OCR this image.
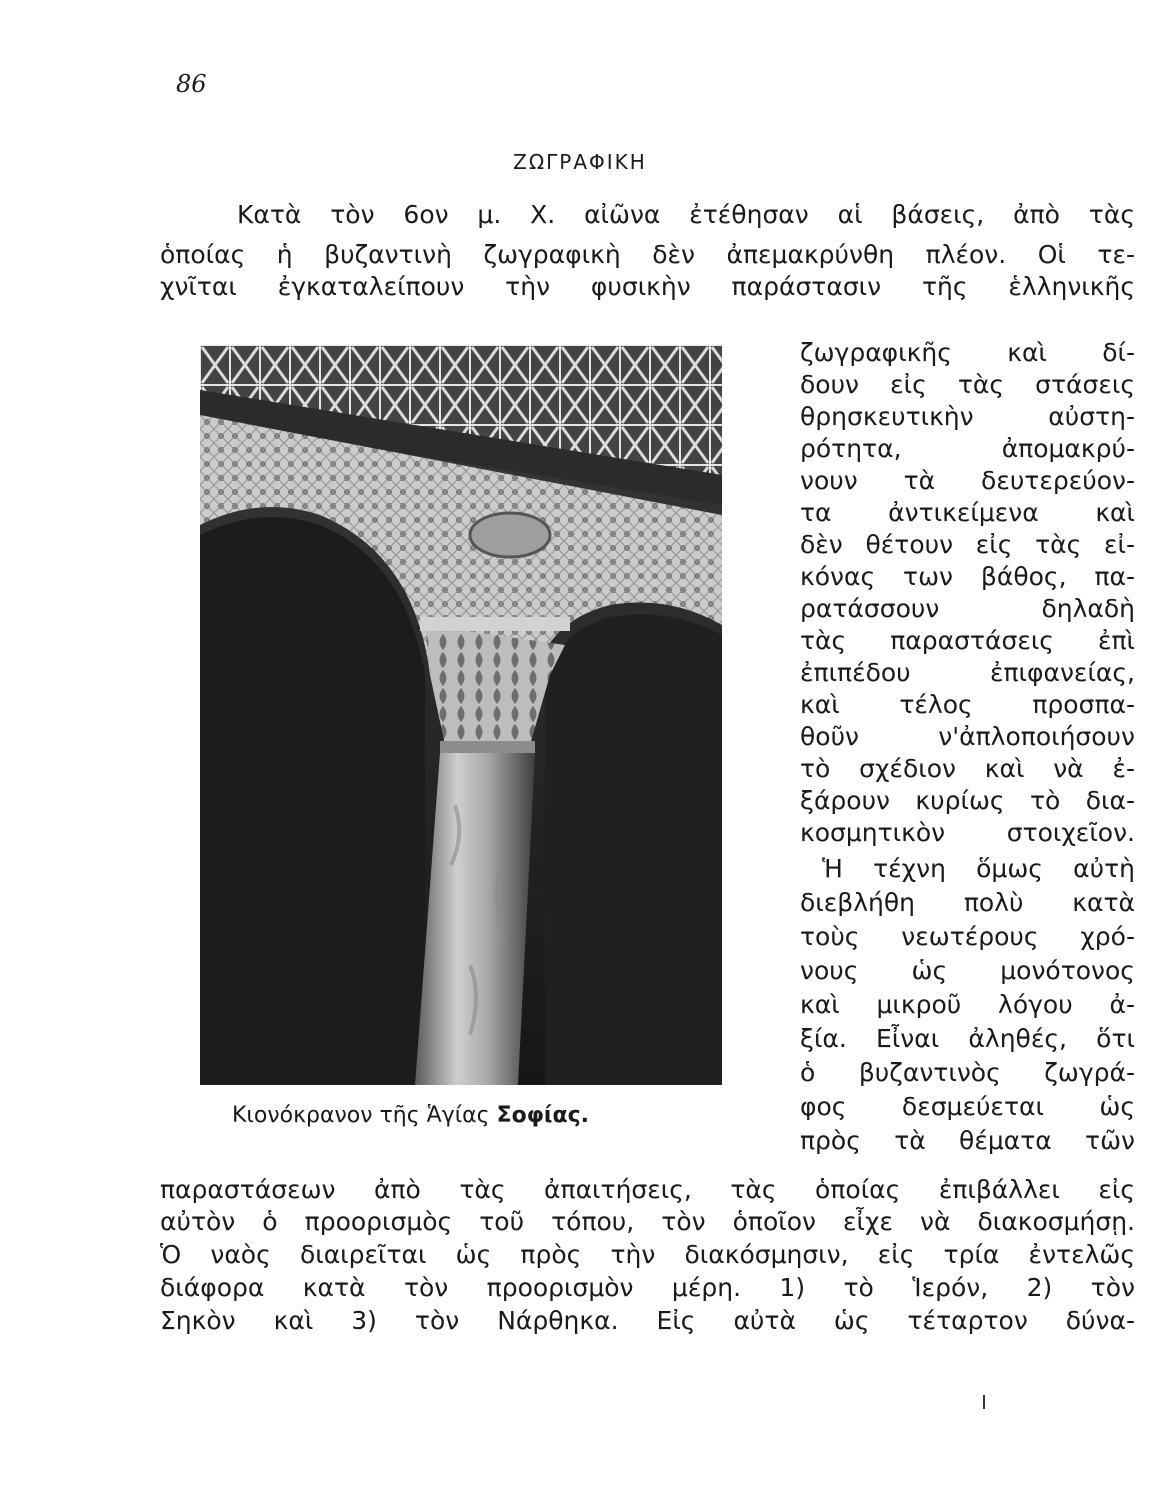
86
ΖΩΓΡΑΦΙΚΗ
Κατὰ τὸν 6ον μ. Χ. αἰῶνα ἐτέθησαν αἱ βάσεις, ἀπὸ τὰς
ὁποίας ἡ βυζαντινὴ ζωγραφικὴ δὲν ἀπεμακρύνθη πλέον. Οἱ τε-
χνῖται ἐγκαταλείπουν τὴν φυσικὴν παράστασιν τῆς ἑλληνικῆς
ζωγραφικῆς καὶ δί-
δουν εἰς τὰς στάσεις
θρησκευτικὴν αὐστη-
ρότητα, ἀπομακρύ-
νουν τὰ δευτερεύον-
τα ἀντικείμενα καὶ
δὲν θέτουν εἰς τὰς εἰ-
κόνας των βάθος, πα-
ρατάσσουν δηλαδὴ
τὰς παραστάσεις ἐπὶ
ἐπιπέδου ἐπιφανείας,
καὶ τέλος προσπα-
θοῦν ν'ἀπλοποιήσουν
τὸ σχέδιον καὶ νὰ ἐ-
ξάρουν κυρίως τὸ δια-
κοσμητικὸν στοιχεῖον.
Ἡ τέχνη ὅμως αὐτὴ
διεβλήθη πολὺ κατὰ
τοὺς νεωτέρους χρό-
νους ὡς μονότονος
καὶ μικροῦ λόγου ἀ-
ξία. Εἶναι ἀληθές, ὅτι
ὁ βυζαντινὸς ζωγρά-
φος δεσμεύεται ὡς
πρὸς τὰ θέματα τῶν
Κιονόκρανον τῆς Ἁγίας Σοφίας.
παραστάσεων ἀπὸ τὰς ἀπαιτήσεις, τὰς ὁποίας ἐπιβάλλει εἰς
αὐτὸν ὁ προορισμὸς τοῦ τόπου, τὸν ὁποῖον εἶχε νὰ διακοσμήσῃ.
Ὁ ναὸς διαιρεῖται ὡς πρὸς τὴν διακόσμησιν, εἰς τρία ἐντελῶς
διάφορα κατὰ τὸν προορισμὸν μέρη. 1) τὸ Ἱερόν, 2) τὸν
Σηκὸν καὶ 3) τὸν Νάρθηκα. Εἰς αὐτὰ ὡς τέταρτον δύνα-
